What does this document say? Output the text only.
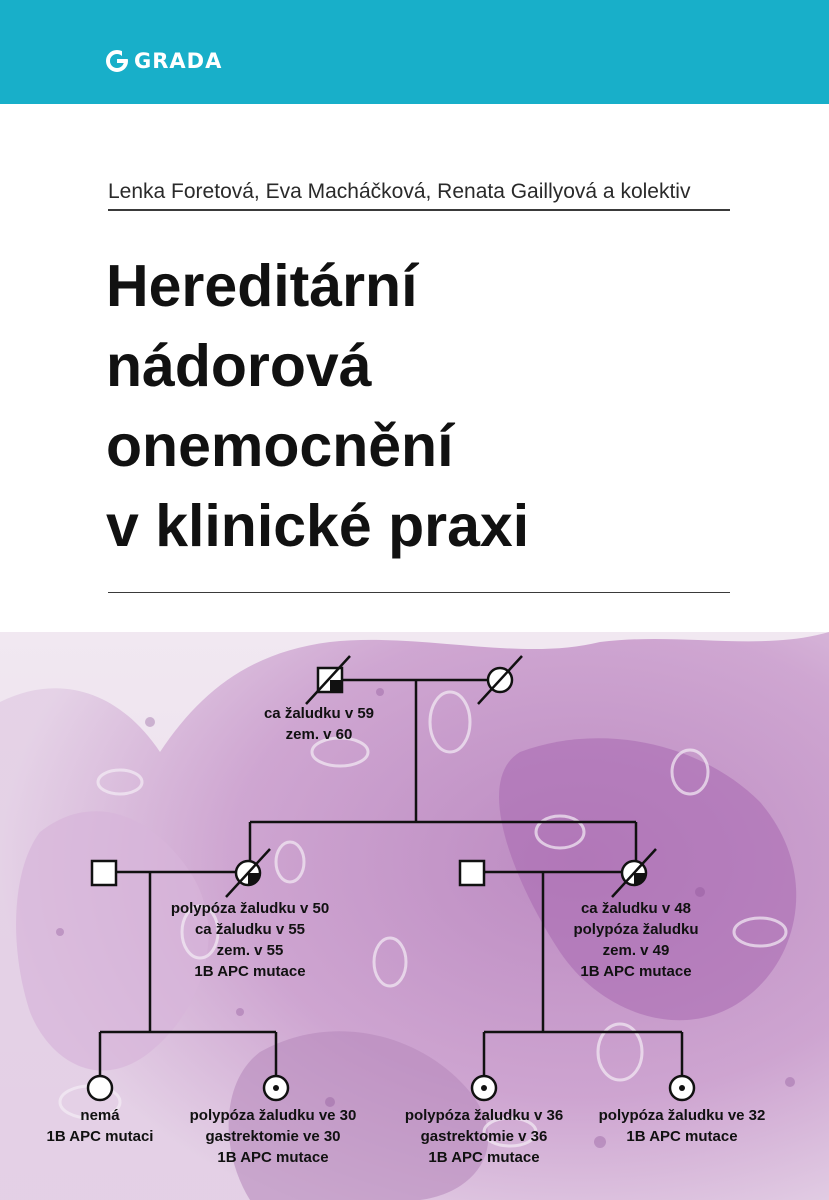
GRADA
Lenka Foretová, Eva Macháčková, Renata Gaillyová a kolektiv
Hereditární
nádorová
onemocnění
v klinické praxi
ca žaludku v 59
zem. v 60
polypóza žaludku v 50
ca žaludku v 55
zem. v 55
1B APC mutace
ca žaludku v 48
polypóza žaludku
zem. v 49
1B APC mutace
nemá
1B APC mutaci
polypóza žaludku ve 30
gastrektomie ve 30
1B APC mutace
polypóza žaludku v 36
gastrektomie v 36
1B APC mutace
polypóza žaludku ve 32
1B APC mutace
